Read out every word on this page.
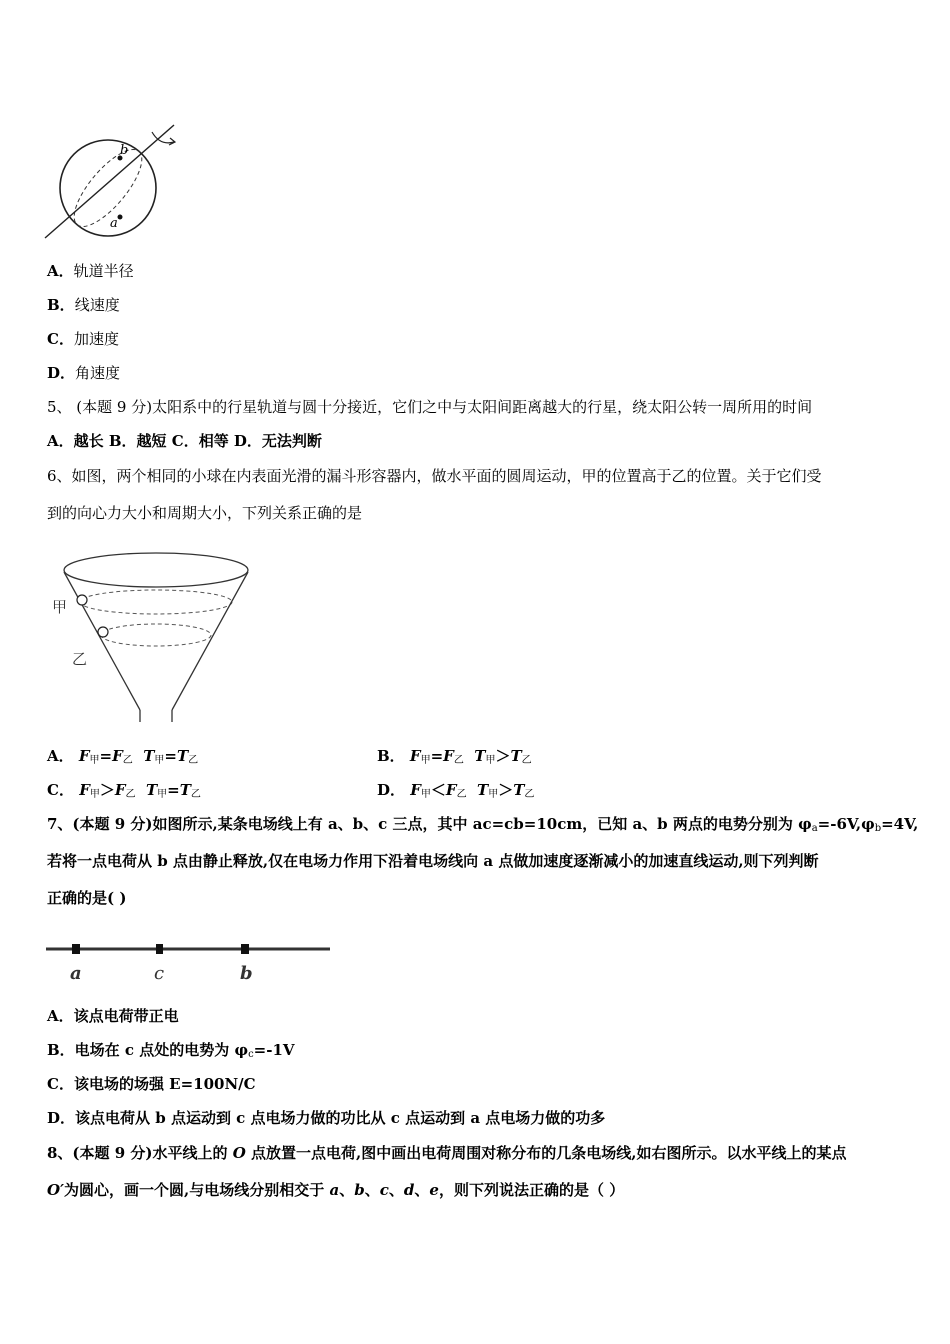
b
a
A．轨道半径
B．线速度
C．加速度
D．角速度
5、 (本题 9 分)太阳系中的行星轨道与圆十分接近，它们之中与太阳间距离越大的行星，绕太阳公转一周所用的时间
A．越长 B．越短 C．相等 D．无法判断
6、如图，两个相同的小球在内表面光滑的漏斗形容器内，做水平面的圆周运动，甲的位置高于乙的位置。关于它们受
到的向心力大小和周期大小，下列关系正确的是
甲
乙
A． $F_甲=F_乙$ $T_甲=T_乙$	B． $F_甲=F_乙$ $T_甲>T_乙$
C． $F_甲>F_乙$ $T_甲=T_乙$	D． $F_甲<F_乙$ $T_甲>T_乙$
7、(本题 9 分)如图所示,某条电场线上有 a、b、c 三点，其中 ac=cb=10cm，已知 a、b 两点的电势分别为 $\varphi_a=-6V,\varphi_b=4V$,
若将一点电荷从 b 点由静止释放,仅在电场力作用下沿着电场线向 a 点做加速度逐渐减小的加速直线运动,则下列判断
正确的是( )
a	c	b
A．该点电荷带正电
B．电场在 c 点处的电势为 $\varphi_c=-1V$
C．该电场的场强 E=100N/C
D．该点电荷从 b 点运动到 c 点电场力做的功比从 c 点运动到 a 点电场力做的功多
8、(本题 9 分)水平线上的 O 点放置一点电荷,图中画出电荷周围对称分布的几条电场线,如右图所示。以水平线上的某点
O′为圆心，画一个圆,与电场线分别相交于 a、b、c、d、e，则下列说法正确的是（ ）
